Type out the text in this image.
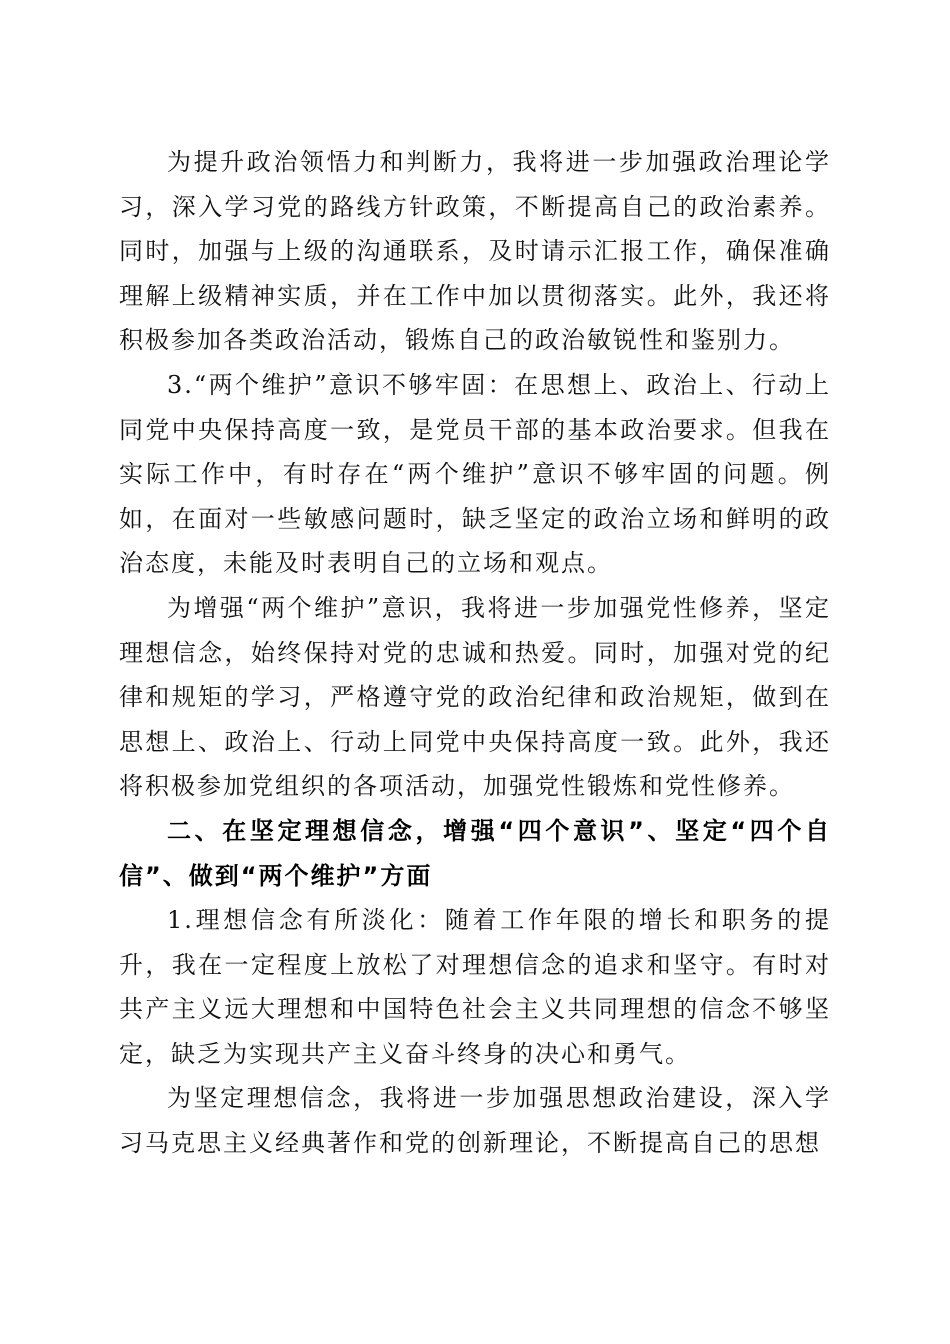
为提升政治领悟力和判断力，我将进一步加强政治理论学习，深入学习党的路线方针政策，不断提高自己的政治素养。同时，加强与上级的沟通联系，及时请示汇报工作，确保准确理解上级精神实质，并在工作中加以贯彻落实。此外，我还将积极参加各类政治活动，锻炼自己的政治敏锐性和鉴别力。

3.“两个维护”意识不够牢固：在思想上、政治上、行动上同党中央保持高度一致，是党员干部的基本政治要求。但我在实际工作中，有时存在“两个维护”意识不够牢固的问题。例如，在面对一些敏感问题时，缺乏坚定的政治立场和鲜明的政治态度，未能及时表明自己的立场和观点。

为增强“两个维护”意识，我将进一步加强党性修养，坚定理想信念，始终保持对党的忠诚和热爱。同时，加强对党的纪律和规矩的学习，严格遵守党的政治纪律和政治规矩，做到在思想上、政治上、行动上同党中央保持高度一致。此外，我还将积极参加党组织的各项活动，加强党性锻炼和党性修养。

二、在坚定理想信念，增强“四个意识”、坚定“四个自信”、做到“两个维护”方面

1.理想信念有所淡化：随着工作年限的增长和职务的提升，我在一定程度上放松了对理想信念的追求和坚守。有时对共产主义远大理想和中国特色社会主义共同理想的信念不够坚定，缺乏为实现共产主义奋斗终身的决心和勇气。

为坚定理想信念，我将进一步加强思想政治建设，深入学习马克思主义经典著作和党的创新理论，不断提高自己的思想
